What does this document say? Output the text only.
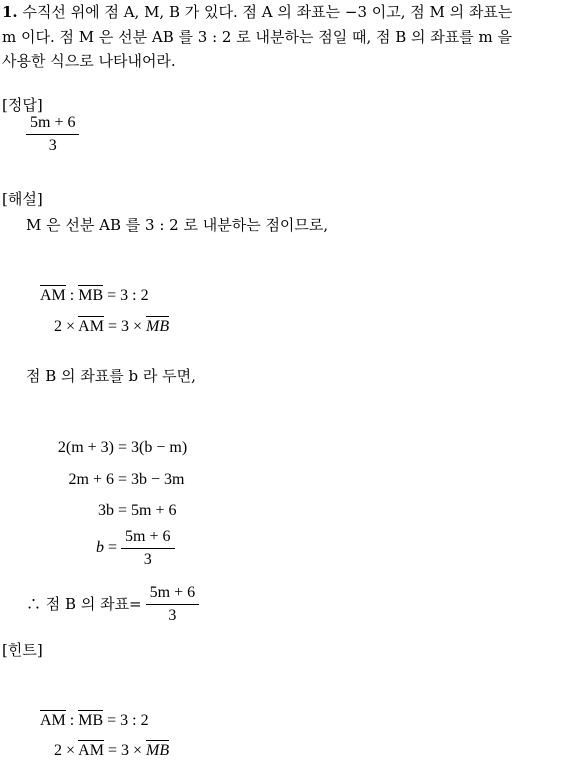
1. 수직선 위에 점 A, M, B 가 있다. 점 A 의 좌표는 −3 이고, 점 M 의 좌표는
m 이다. 점 M 은 선분 AB 를 3 : 2 로 내분하는 점일 때, 점 B 의 좌표를 m 을
사용한 식으로 나타내어라.
[정답]
$\frac{5m + 6}{3}$
[해설]
M 은 선분 AB 를 3 : 2 로 내분하는 점이므로,
AM : MB = 3 : 2
2 × AM = 3 × MB
점 B 의 좌표를 b 라 두면,
2(m + 3)
= 3(b − m)
2m + 6
= 3b − 3m
3b
= 5m + 6
$b = \frac{5m + 6}{3}$
∴ 점 B 의 좌표= $\frac{5m + 6}{3}$
[힌트]
AM : MB = 3 : 2
2 × AM = 3 × MB
